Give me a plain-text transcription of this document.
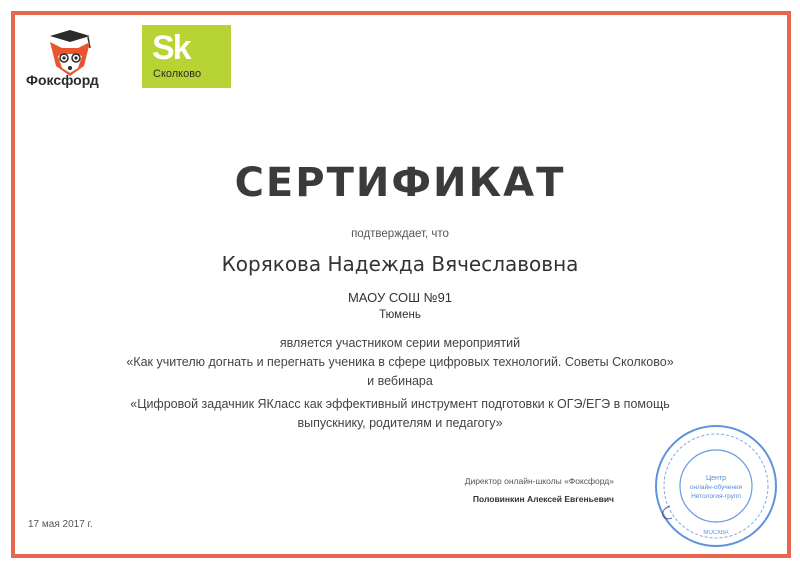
Фоксфорд
Sk
Сколково
СЕРТИФИКАТ
подтверждает, что
Корякова Надежда Вячеславовна
МАОУ СОШ №91
Тюмень
является участником серии мероприятий
«Как учителю догнать и перегнать ученика в сфере цифровых технологий. Советы Сколково»
и вебинара
«Цифровой задачник ЯКласс как эффективный инструмент подготовки к ОГЭ/ЕГЭ в помощь
выпускнику, родителям и педагогу»
Директор онлайн-школы «Фоксфорд»
Половинкин Алексей Евгеньевич
17 мая 2017 г.
Центр
онлайн-обучения
Нетология-групп
МОСКВА
